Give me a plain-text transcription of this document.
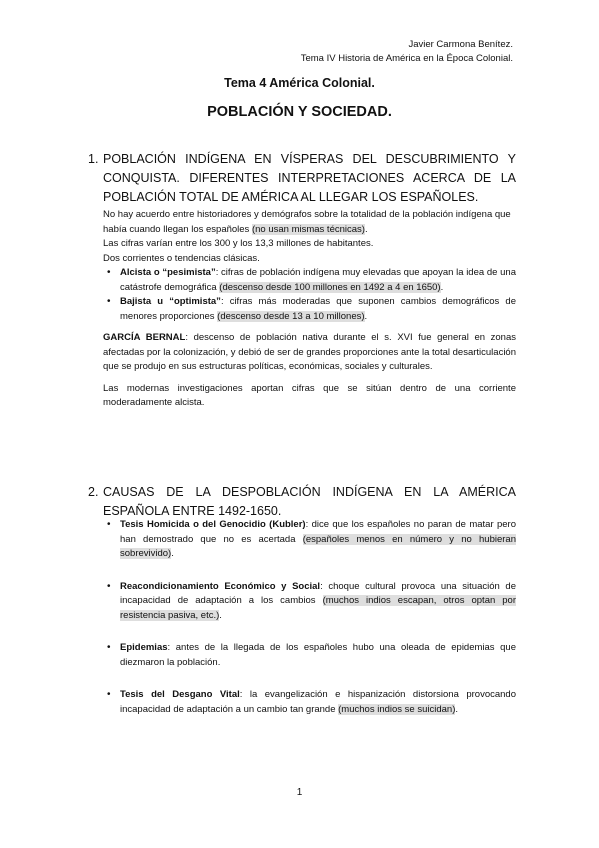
Javier Carmona Benítez.
Tema IV Historia de América en la Época Colonial.
Tema 4 América Colonial.
POBLACIÓN Y SOCIEDAD.
1. POBLACIÓN INDÍGENA EN VÍSPERAS DEL DESCUBRIMIENTO Y CONQUISTA. DIFERENTES INTERPRETACIONES ACERCA DE LA POBLACIÓN TOTAL DE AMÉRICA AL LLEGAR LOS ESPAÑOLES.

No hay acuerdo entre historiadores y demógrafos sobre la totalidad de la población indígena que había cuando llegan los españoles (no usan mismas técnicas).

Las cifras varían entre los 300 y los 13,3 millones de habitantes.

Dos corrientes o tendencias clásicas.

• Alcista o “pesimista”: cifras de población indígena muy elevadas que apoyan la idea de una catástrofe demográfica (descenso desde 100 millones en 1492 a 4 en 1650).
• Bajista u “optimista”: cifras más moderadas que suponen cambios demográficos de menores proporciones (descenso desde 13 a 10 millones).

GARCÍA BERNAL: descenso de población nativa durante el s. XVI fue general en zonas afectadas por la colonización, y debió de ser de grandes proporciones ante la total desarticulación que se produjo en sus estructuras políticas, económicas, sociales y culturales.

Las modernas investigaciones aportan cifras que se sitúan dentro de una corriente moderadamente alcista.

2. CAUSAS DE LA DESPOBLACIÓN INDÍGENA EN LA AMÉRICA ESPAÑOLA ENTRE 1492-1650.
• Tesis Homicida o del Genocidio (Kubler): dice que los españoles no paran de matar pero han demostrado que no es acertada (españoles menos en número y no hubieran sobrevivido).
• Reacondicionamiento Económico y Social: choque cultural provoca una situación de incapacidad de adaptación a los cambios (muchos indios escapan, otros optan por resistencia pasiva, etc.).
• Epidemias: antes de la llegada de los españoles hubo una oleada de epidemias que diezmaron la población.
• Tesis del Desgano Vital: la evangelización e hispanización distorsiona provocando incapacidad de adaptación a un cambio tan grande (muchos indios se suicidan).
1
